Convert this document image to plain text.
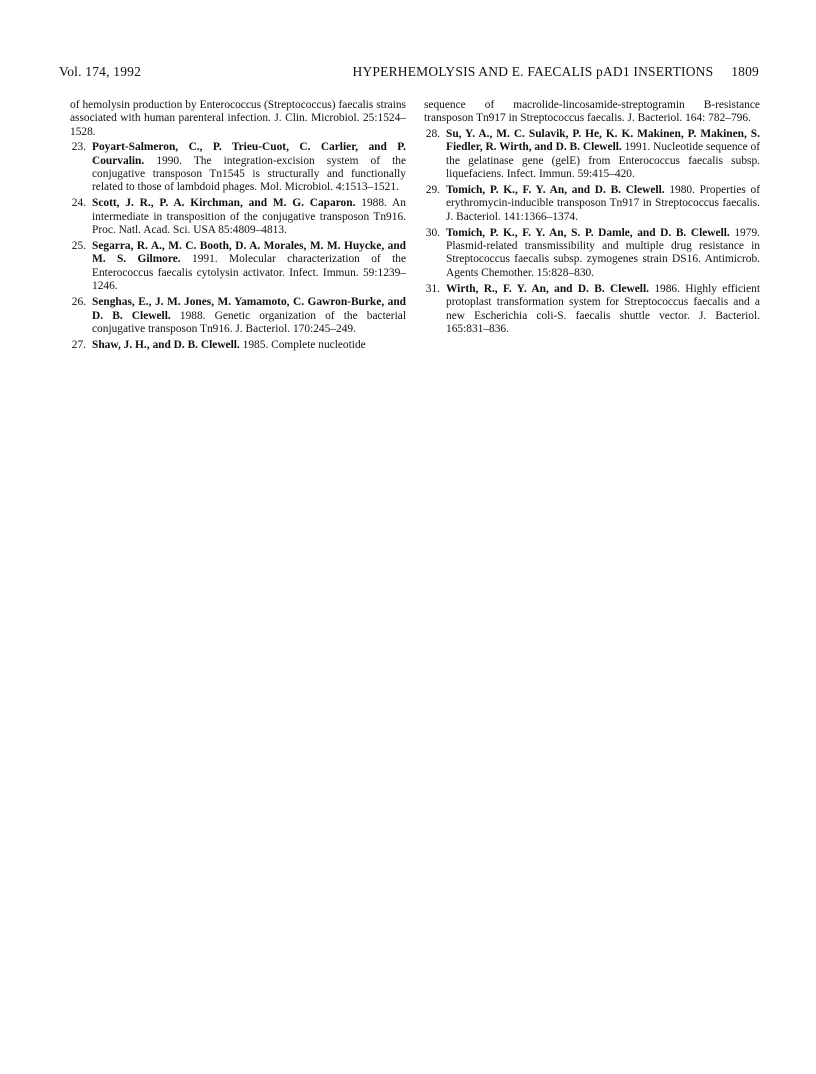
Vol. 174, 1992	HYPERHEMOLYSIS AND E. FAECALIS pAD1 INSERTIONS     1809

of hemolysin production by Enterococcus (Streptococcus) faecalis strains associated with human parenteral infection. J. Clin. Microbiol. 25:1524–1528.

23. Poyart-Salmeron, C., P. Trieu-Cuot, C. Carlier, and P. Courvalin. 1990. The integration-excision system of the conjugative transposon Tn1545 is structurally and functionally related to those of lambdoid phages. Mol. Microbiol. 4:1513–1521.
24. Scott, J. R., P. A. Kirchman, and M. G. Caparon. 1988. An intermediate in transposition of the conjugative transposon Tn916. Proc. Natl. Acad. Sci. USA 85:4809–4813.
25. Segarra, R. A., M. C. Booth, D. A. Morales, M. M. Huycke, and M. S. Gilmore. 1991. Molecular characterization of the Enterococcus faecalis cytolysin activator. Infect. Immun. 59:1239–1246.
26. Senghas, E., J. M. Jones, M. Yamamoto, C. Gawron-Burke, and D. B. Clewell. 1988. Genetic organization of the bacterial conjugative transposon Tn916. J. Bacteriol. 170:245–249.
27. Shaw, J. H., and D. B. Clewell. 1985. Complete nucleotide

sequence of macrolide-lincosamide-streptogramin B-resistance transposon Tn917 in Streptococcus faecalis. J. Bacteriol. 164: 782–796.

28. Su, Y. A., M. C. Sulavik, P. He, K. K. Makinen, P. Makinen, S. Fiedler, R. Wirth, and D. B. Clewell. 1991. Nucleotide sequence of the gelatinase gene (gelE) from Enterococcus faecalis subsp. liquefaciens. Infect. Immun. 59:415–420.
29. Tomich, P. K., F. Y. An, and D. B. Clewell. 1980. Properties of erythromycin-inducible transposon Tn917 in Streptococcus faecalis. J. Bacteriol. 141:1366–1374.
30. Tomich, P. K., F. Y. An, S. P. Damle, and D. B. Clewell. 1979. Plasmid-related transmissibility and multiple drug resistance in Streptococcus faecalis subsp. zymogenes strain DS16. Antimicrob. Agents Chemother. 15:828–830.
31. Wirth, R., F. Y. An, and D. B. Clewell. 1986. Highly efficient protoplast transformation system for Streptococcus faecalis and a new Escherichia coli-S. faecalis shuttle vector. J. Bacteriol. 165:831–836.
